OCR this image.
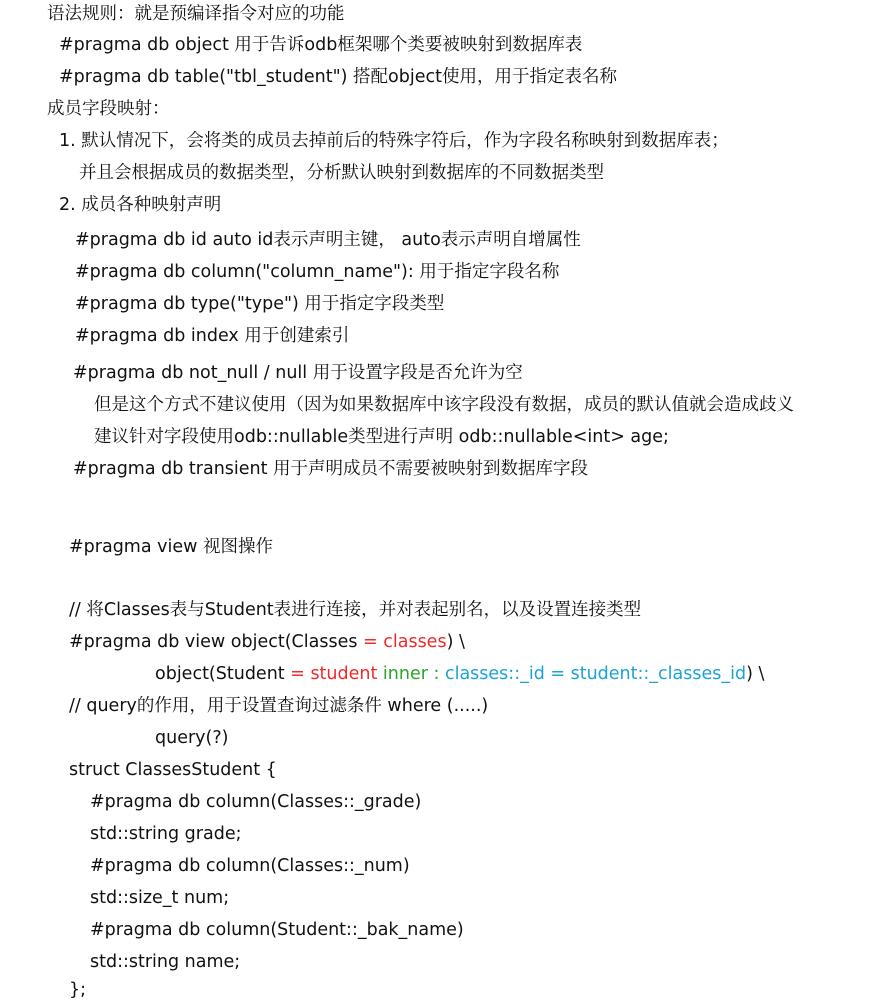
语法规则：就是预编译指令对应的功能
#pragma db object 用于告诉odb框架哪个类要被映射到数据库表
#pragma db table("tbl_student") 搭配object使用，用于指定表名称
成员字段映射：
1. 默认情况下，会将类的成员去掉前后的特殊字符后，作为字段名称映射到数据库表；
并且会根据成员的数据类型，分析默认映射到数据库的不同数据类型
2. 成员各种映射声明
#pragma db id auto id表示声明主键， auto表示声明自增属性
#pragma db column("column_name"): 用于指定字段名称
#pragma db type("type") 用于指定字段类型
#pragma db index 用于创建索引
#pragma db not_null / null 用于设置字段是否允许为空
但是这个方式不建议使用（因为如果数据库中该字段没有数据，成员的默认值就会造成歧义
建议针对字段使用odb::nullable类型进行声明 odb::nullable<int> age;
#pragma db transient 用于声明成员不需要被映射到数据库字段
#pragma view 视图操作
// 将Classes表与Student表进行连接，并对表起别名，以及设置连接类型
#pragma db view object(Classes = classes) \
object(Student = student inner : classes::_id = student::_classes_id) \
// query的作用，用于设置查询过滤条件 where (.....)
query(?)
struct ClassesStudent {
#pragma db column(Classes::_grade)
std::string grade;
#pragma db column(Classes::_num)
std::size_t num;
#pragma db column(Student::_bak_name)
std::string name;
};
